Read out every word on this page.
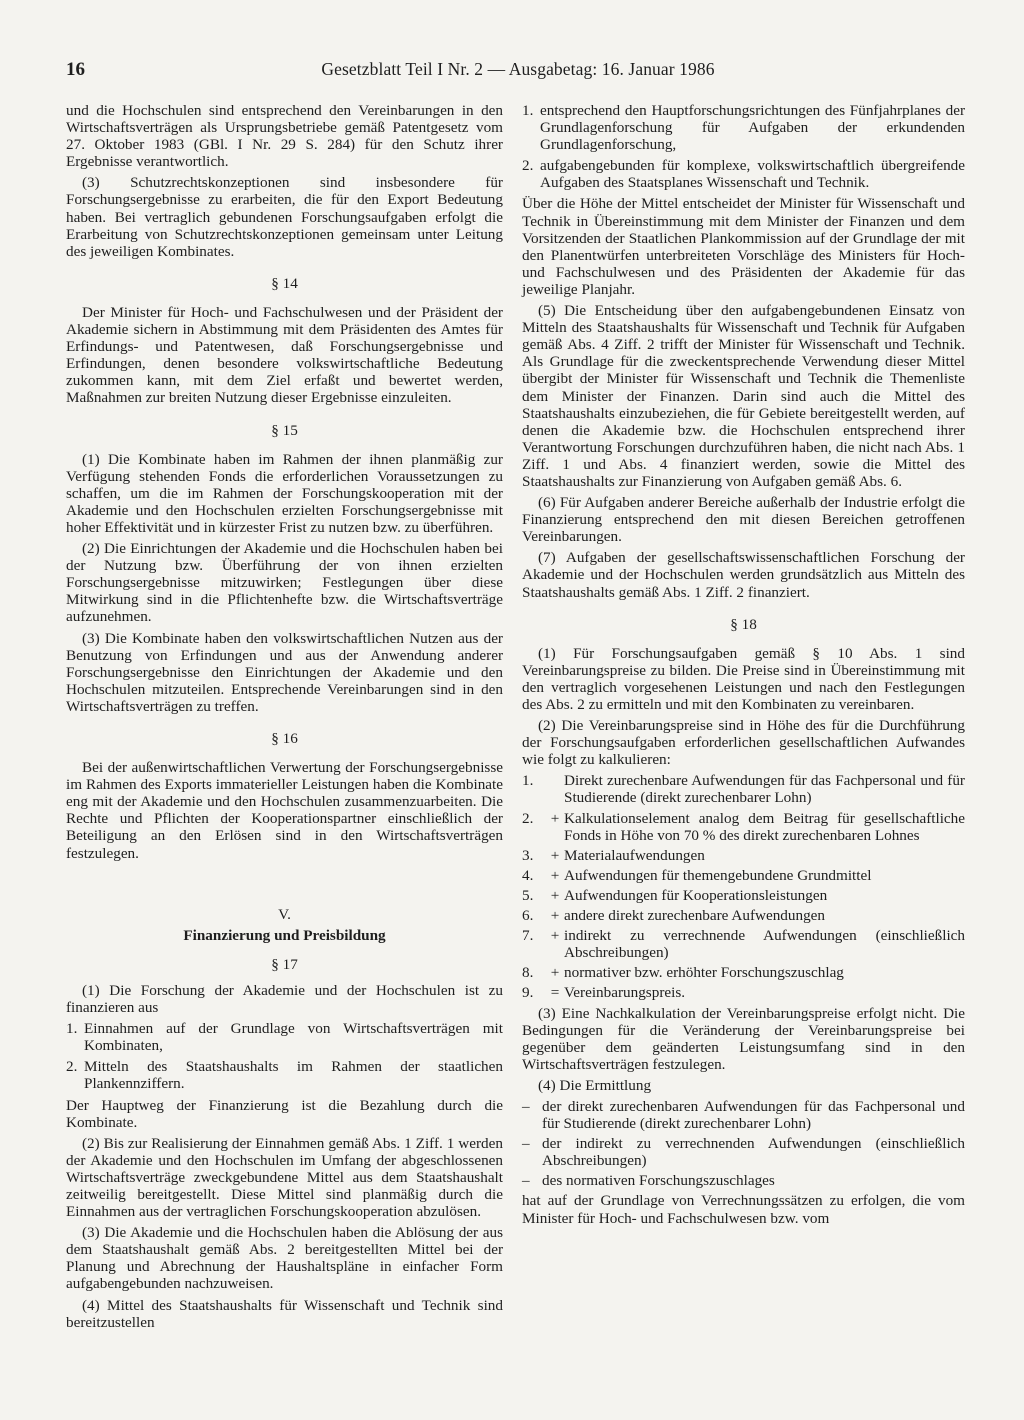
16	Gesetzblatt Teil I Nr. 2 — Ausgabetag: 16. Januar 1986

und die Hochschulen sind entsprechend den Vereinbarungen in den Wirtschaftsverträgen als Ursprungsbetriebe gemäß Patentgesetz vom 27. Oktober 1983 (GBl. I Nr. 29 S. 284) für den Schutz ihrer Ergebnisse verantwortlich.

(3) Schutzrechtskonzeptionen sind insbesondere für Forschungsergebnisse zu erarbeiten, die für den Export Bedeutung haben. Bei vertraglich gebundenen Forschungsaufgaben erfolgt die Erarbeitung von Schutzrechtskonzeptionen gemeinsam unter Leitung des jeweiligen Kombinates.

§ 14

Der Minister für Hoch- und Fachschulwesen und der Präsident der Akademie sichern in Abstimmung mit dem Präsidenten des Amtes für Erfindungs- und Patentwesen, daß Forschungsergebnisse und Erfindungen, denen besondere volkswirtschaftliche Bedeutung zukommen kann, mit dem Ziel erfaßt und bewertet werden, Maßnahmen zur breiten Nutzung dieser Ergebnisse einzuleiten.

§ 15

(1) Die Kombinate haben im Rahmen der ihnen planmäßig zur Verfügung stehenden Fonds die erforderlichen Voraussetzungen zu schaffen, um die im Rahmen der Forschungskooperation mit der Akademie und den Hochschulen erzielten Forschungsergebnisse mit hoher Effektivität und in kürzester Frist zu nutzen bzw. zu überführen.

(2) Die Einrichtungen der Akademie und die Hochschulen haben bei der Nutzung bzw. Überführung der von ihnen erzielten Forschungsergebnisse mitzuwirken; Festlegungen über diese Mitwirkung sind in die Pflichtenhefte bzw. die Wirtschaftsverträge aufzunehmen.

(3) Die Kombinate haben den volkswirtschaftlichen Nutzen aus der Benutzung von Erfindungen und aus der Anwendung anderer Forschungsergebnisse den Einrichtungen der Akademie und den Hochschulen mitzuteilen. Entsprechende Vereinbarungen sind in den Wirtschaftsverträgen zu treffen.

§ 16

Bei der außenwirtschaftlichen Verwertung der Forschungsergebnisse im Rahmen des Exports immaterieller Leistungen haben die Kombinate eng mit der Akademie und den Hochschulen zusammenzuarbeiten. Die Rechte und Pflichten der Kooperationspartner einschließlich der Beteiligung an den Erlösen sind in den Wirtschaftsverträgen festzulegen.

V.
Finanzierung und Preisbildung
§ 17

(1) Die Forschung der Akademie und der Hochschulen ist zu finanzieren aus

1. Einnahmen auf der Grundlage von Wirtschaftsverträgen mit Kombinaten,
2. Mitteln des Staatshaushalts im Rahmen der staatlichen Plankennziffern.

Der Hauptweg der Finanzierung ist die Bezahlung durch die Kombinate.

(2) Bis zur Realisierung der Einnahmen gemäß Abs. 1 Ziff. 1 werden der Akademie und den Hochschulen im Umfang der abgeschlossenen Wirtschaftsverträge zweckgebundene Mittel aus dem Staatshaushalt zeitweilig bereitgestellt. Diese Mittel sind planmäßig durch die Einnahmen aus der vertraglichen Forschungskooperation abzulösen.

(3) Die Akademie und die Hochschulen haben die Ablösung der aus dem Staatshaushalt gemäß Abs. 2 bereitgestellten Mittel bei der Planung und Abrechnung der Haushaltspläne in einfacher Form aufgabengebunden nachzuweisen.

(4) Mittel des Staatshaushalts für Wissenschaft und Technik sind bereitzustellen

1. entsprechend den Hauptforschungsrichtungen des Fünfjahrplanes der Grundlagenforschung für Aufgaben der erkundenden Grundlagenforschung,
2. aufgabengebunden für komplexe, volkswirtschaftlich übergreifende Aufgaben des Staatsplanes Wissenschaft und Technik.

Über die Höhe der Mittel entscheidet der Minister für Wissenschaft und Technik in Übereinstimmung mit dem Minister der Finanzen und dem Vorsitzenden der Staatlichen Plankommission auf der Grundlage der mit den Planentwürfen unterbreiteten Vorschläge des Ministers für Hoch- und Fachschulwesen und des Präsidenten der Akademie für das jeweilige Planjahr.

(5) Die Entscheidung über den aufgabengebundenen Einsatz von Mitteln des Staatshaushalts für Wissenschaft und Technik für Aufgaben gemäß Abs. 4 Ziff. 2 trifft der Minister für Wissenschaft und Technik. Als Grundlage für die zweckentsprechende Verwendung dieser Mittel übergibt der Minister für Wissenschaft und Technik die Themenliste dem Minister der Finanzen. Darin sind auch die Mittel des Staatshaushalts einzubeziehen, die für Gebiete bereitgestellt werden, auf denen die Akademie bzw. die Hochschulen entsprechend ihrer Verantwortung Forschungen durchzuführen haben, die nicht nach Abs. 1 Ziff. 1 und Abs. 4 finanziert werden, sowie die Mittel des Staatshaushalts zur Finanzierung von Aufgaben gemäß Abs. 6.

(6) Für Aufgaben anderer Bereiche außerhalb der Industrie erfolgt die Finanzierung entsprechend den mit diesen Bereichen getroffenen Vereinbarungen.

(7) Aufgaben der gesellschaftswissenschaftlichen Forschung der Akademie und der Hochschulen werden grundsätzlich aus Mitteln des Staatshaushalts gemäß Abs. 1 Ziff. 2 finanziert.

§ 18

(1) Für Forschungsaufgaben gemäß § 10 Abs. 1 sind Vereinbarungspreise zu bilden. Die Preise sind in Übereinstimmung mit den vertraglich vorgesehenen Leistungen und nach den Festlegungen des Abs. 2 zu ermitteln und mit den Kombinaten zu vereinbaren.

(2) Die Vereinbarungspreise sind in Höhe des für die Durchführung der Forschungsaufgaben erforderlichen gesellschaftlichen Aufwandes wie folgt zu kalkulieren:

1.	Direkt zurechenbare Aufwendungen für das Fachpersonal und für Studierende (direkt zurechenbarer Lohn)
2.	+ Kalkulationselement analog dem Beitrag für gesellschaftliche Fonds in Höhe von 70 % des direkt zurechenbaren Lohnes
3.	+ Materialaufwendungen
4.	+ Aufwendungen für themengebundene Grundmittel
5.	+ Aufwendungen für Kooperationsleistungen
6.	+ andere direkt zurechenbare Aufwendungen
7.	+ indirekt zu verrechnende Aufwendungen (einschließlich Abschreibungen)
8.	+ normativer bzw. erhöhter Forschungszuschlag
9.	= Vereinbarungspreis.

(3) Eine Nachkalkulation der Vereinbarungspreise erfolgt nicht. Die Bedingungen für die Veränderung der Vereinbarungspreise bei gegenüber dem geänderten Leistungsumfang sind in den Wirtschaftsverträgen festzulegen.

(4) Die Ermittlung

– der direkt zurechenbaren Aufwendungen für das Fachpersonal und für Studierende (direkt zurechenbarer Lohn)
– der indirekt zu verrechnenden Aufwendungen (einschließlich Abschreibungen)
– des normativen Forschungszuschlages

hat auf der Grundlage von Verrechnungssätzen zu erfolgen, die vom Minister für Hoch- und Fachschulwesen bzw. vom
